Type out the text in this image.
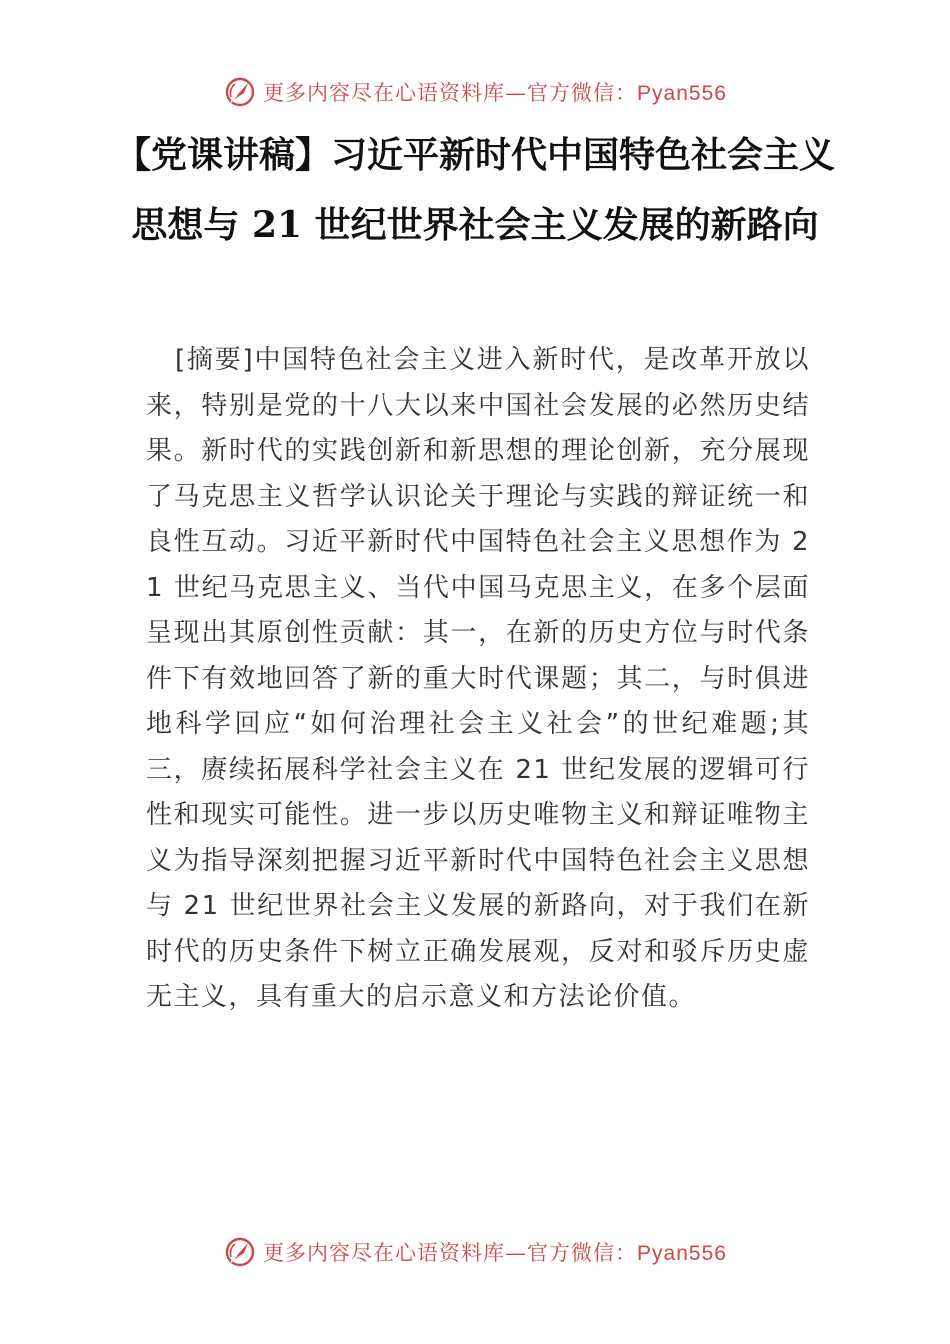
更多内容尽在心语资料库—官方微信：Pyan556
【党课讲稿】习近平新时代中国特色社会主义
思想与 21 世纪世界社会主义发展的新路向

[摘要]中国特色社会主义进入新时代，是改革开放以来，特别是党的十八大以来中国社会发展的必然历史结果。新时代的实践创新和新思想的理论创新，充分展现了马克思主义哲学认识论关于理论与实践的辩证统一和良性互动。习近平新时代中国特色社会主义思想作为 21 世纪马克思主义、当代中国马克思主义，在多个层面呈现出其原创性贡献：其一，在新的历史方位与时代条件下有效地回答了新的重大时代课题；其二，与时俱进地科学回应“如何治理社会主义社会”的世纪难题;其三，赓续拓展科学社会主义在 21 世纪发展的逻辑可行性和现实可能性。进一步以历史唯物主义和辩证唯物主义为指导深刻把握习近平新时代中国特色社会主义思想与 21 世纪世界社会主义发展的新路向，对于我们在新时代的历史条件下树立正确发展观，反对和驳斥历史虚无主义，具有重大的启示意义和方法论价值。

更多内容尽在心语资料库—官方微信：Pyan556
